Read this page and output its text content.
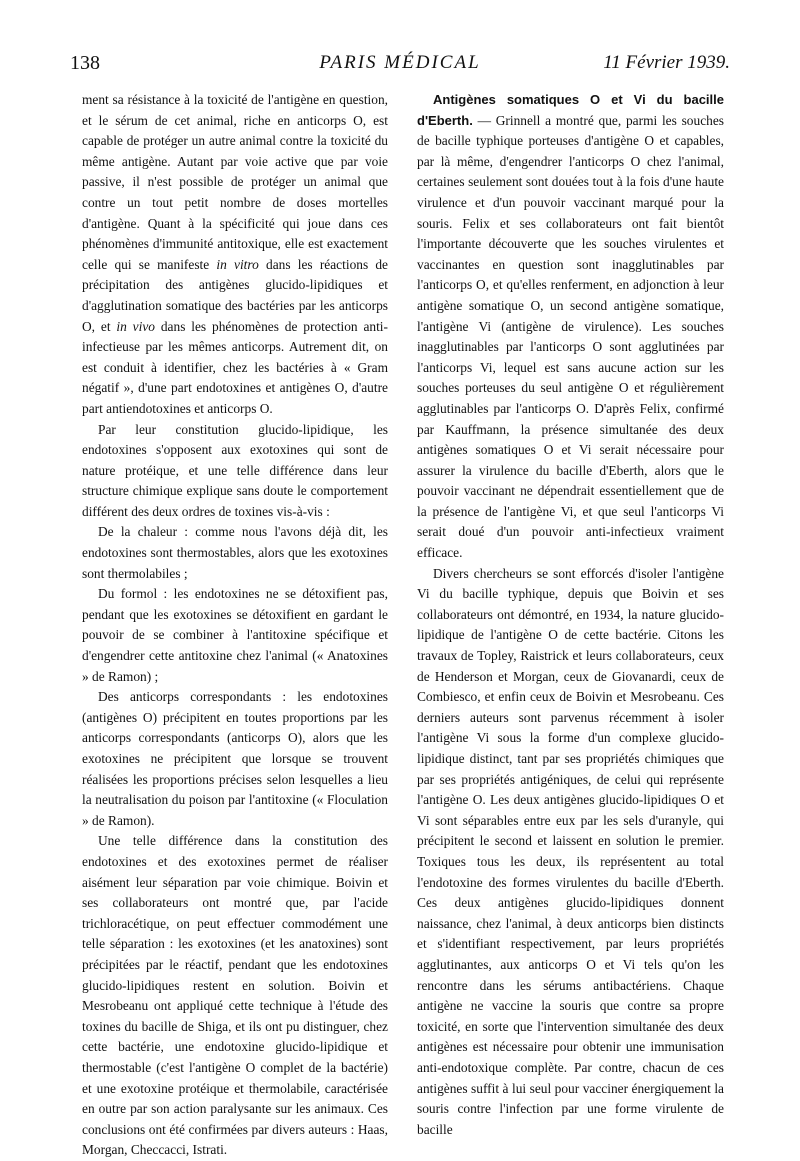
138	PARIS MÉDICAL	11 Février 1939.

ment sa résistance à la toxicité de l'antigène en question, et le sérum de cet animal, riche en anticorps O, est capable de protéger un autre animal contre la toxicité du même antigène. Autant par voie active que par voie passive, il n'est possible de protéger un animal que contre un tout petit nombre de doses mortelles d'antigène. Quant à la spécificité qui joue dans ces phénomènes d'immunité antitoxique, elle est exactement celle qui se manifeste in vitro dans les réactions de précipitation des antigènes glucido-lipidiques et d'agglutination somatique des bactéries par les anticorps O, et in vivo dans les phénomènes de protection anti-infectieuse par les mêmes anticorps. Autrement dit, on est conduit à identifier, chez les bactéries à « Gram négatif », d'une part endotoxines et antigènes O, d'autre part antiendotoxines et anticorps O.

Par leur constitution glucido-lipidique, les endotoxines s'opposent aux exotoxines qui sont de nature protéique, et une telle différence dans leur structure chimique explique sans doute le comportement différent des deux ordres de toxines vis-à-vis :

De la chaleur : comme nous l'avons déjà dit, les endotoxines sont thermostables, alors que les exotoxines sont thermolabiles ;

Du formol : les endotoxines ne se détoxifient pas, pendant que les exotoxines se détoxifient en gardant le pouvoir de se combiner à l'antitoxine spécifique et d'engendrer cette antitoxine chez l'animal (« Anatoxines » de Ramon) ;

Des anticorps correspondants : les endotoxines (antigènes O) précipitent en toutes proportions par les anticorps correspondants (anticorps O), alors que les exotoxines ne précipitent que lorsque se trouvent réalisées les proportions précises selon lesquelles a lieu la neutralisation du poison par l'antitoxine (« Floculation » de Ramon).

Une telle différence dans la constitution des endotoxines et des exotoxines permet de réaliser aisément leur séparation par voie chimique. Boivin et ses collaborateurs ont montré que, par l'acide trichloracétique, on peut effectuer commodément une telle séparation : les exotoxines (et les anatoxines) sont précipitées par le réactif, pendant que les endotoxines glucido-lipidiques restent en solution. Boivin et Mesrobeanu ont appliqué cette technique à l'étude des toxines du bacille de Shiga, et ils ont pu distinguer, chez cette bactérie, une endotoxine glucido-lipidique et thermostable (c'est l'antigène O complet de la bactérie) et une exotoxine protéique et thermolabile, caractérisée en outre par son action paralysante sur les animaux. Ces conclusions ont été confirmées par divers auteurs : Haas, Morgan, Checcacci, Istrati.

Antigènes somatiques O et Vi du bacille d'Eberth. — Grinnell a montré que, parmi les souches de bacille typhique porteuses d'antigène O et capables, par là même, d'engendrer l'anticorps O chez l'animal, certaines seulement sont douées tout à la fois d'une haute virulence et d'un pouvoir vaccinant marqué pour la souris. Felix et ses collaborateurs ont fait bientôt l'importante découverte que les souches virulentes et vaccinantes en question sont inagglutinables par l'anticorps O, et qu'elles renferment, en adjonction à leur antigène somatique O, un second antigène somatique, l'antigène Vi (antigène de virulence). Les souches inagglutinables par l'anticorps O sont agglutinées par l'anticorps Vi, lequel est sans aucune action sur les souches porteuses du seul antigène O et régulièrement agglutinables par l'anticorps O. D'après Felix, confirmé par Kauffmann, la présence simultanée des deux antigènes somatiques O et Vi serait nécessaire pour assurer la virulence du bacille d'Eberth, alors que le pouvoir vaccinant ne dépendrait essentiellement que de la présence de l'antigène Vi, et que seul l'anticorps Vi serait doué d'un pouvoir anti-infectieux vraiment efficace.

Divers chercheurs se sont efforcés d'isoler l'antigène Vi du bacille typhique, depuis que Boivin et ses collaborateurs ont démontré, en 1934, la nature glucido-lipidique de l'antigène O de cette bactérie. Citons les travaux de Topley, Raistrick et leurs collaborateurs, ceux de Henderson et Morgan, ceux de Giovanardi, ceux de Combiesco, et enfin ceux de Boivin et Mesrobeanu. Ces derniers auteurs sont parvenus récemment à isoler l'antigène Vi sous la forme d'un complexe glucido-lipidique distinct, tant par ses propriétés chimiques que par ses propriétés antigéniques, de celui qui représente l'antigène O. Les deux antigènes glucido-lipidiques O et Vi sont séparables entre eux par les sels d'uranyle, qui précipitent le second et laissent en solution le premier. Toxiques tous les deux, ils représentent au total l'endotoxine des formes virulentes du bacille d'Eberth. Ces deux antigènes glucido-lipidiques donnent naissance, chez l'animal, à deux anticorps bien distincts et s'identifiant respectivement, par leurs propriétés agglutinantes, aux anticorps O et Vi tels qu'on les rencontre dans les sérums antibactériens. Chaque antigène ne vaccine la souris que contre sa propre toxicité, en sorte que l'intervention simultanée des deux antigènes est nécessaire pour obtenir une immunisation anti-endotoxique complète. Par contre, chacun de ces antigènes suffit à lui seul pour vacciner énergiquement la souris contre l'infection par une forme virulente de bacille
